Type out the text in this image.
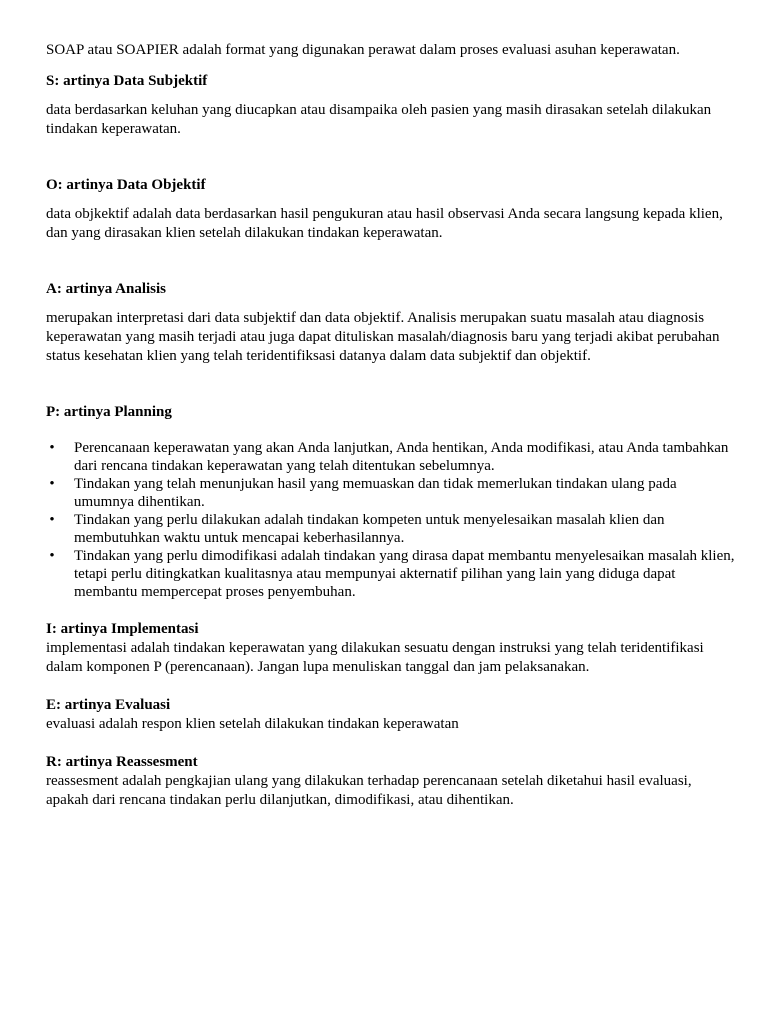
SOAP atau SOAPIER adalah format yang digunakan perawat dalam proses evaluasi asuhan keperawatan.

S: artinya Data Subjektif

data berdasarkan keluhan yang diucapkan atau disampaika oleh pasien yang masih dirasakan setelah dilakukan tindakan keperawatan.

O: artinya Data Objektif

data objkektif adalah data berdasarkan hasil pengukuran atau hasil observasi Anda secara langsung kepada klien, dan yang dirasakan klien setelah dilakukan tindakan keperawatan.

A: artinya Analisis

merupakan interpretasi dari data subjektif dan data objektif. Analisis merupakan suatu masalah atau diagnosis keperawatan yang masih terjadi atau juga dapat dituliskan masalah/diagnosis baru yang terjadi akibat perubahan status kesehatan klien yang telah teridentifiksasi datanya dalam data subjektif dan objektif.

P: artinya Planning

• Perencanaan keperawatan yang akan Anda lanjutkan, Anda hentikan, Anda modifikasi, atau Anda tambahkan dari rencana tindakan keperawatan yang telah ditentukan sebelumnya.
• Tindakan yang telah menunjukan hasil yang memuaskan dan tidak memerlukan tindakan ulang pada umumnya dihentikan.
• Tindakan yang perlu dilakukan adalah tindakan kompeten untuk menyelesaikan masalah klien dan membutuhkan waktu untuk mencapai keberhasilannya.
• Tindakan yang perlu dimodifikasi adalah tindakan yang dirasa dapat membantu menyelesaikan masalah klien, tetapi perlu ditingkatkan kualitasnya atau mempunyai akternatif pilihan yang lain yang diduga dapat membantu mempercepat proses penyembuhan.

I: artinya Implementasi

implementasi adalah tindakan keperawatan yang dilakukan sesuatu dengan instruksi yang telah teridentifikasi dalam komponen P (perencanaan). Jangan lupa menuliskan tanggal dan jam pelaksanakan.

E: artinya Evaluasi

evaluasi adalah respon klien setelah dilakukan tindakan keperawatan

R: artinya Reassesment

reassesment adalah pengkajian ulang yang dilakukan terhadap perencanaan setelah diketahui hasil evaluasi, apakah dari rencana tindakan perlu dilanjutkan, dimodifikasi, atau dihentikan.
